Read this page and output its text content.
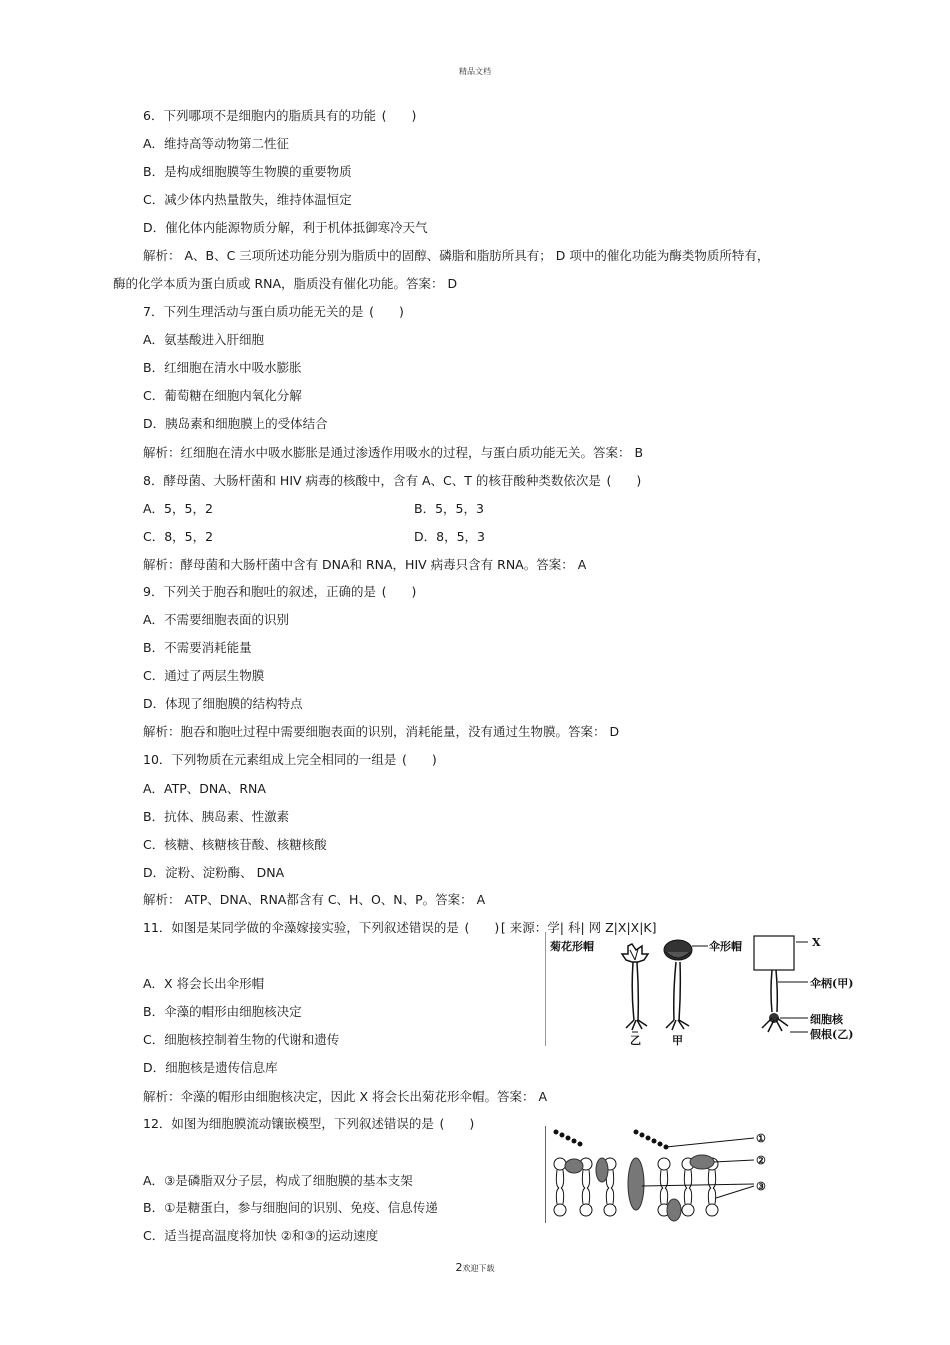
精品文档
6．下列哪项不是细胞内的脂质具有的功能 (　　)
A．维持高等动物第二性征
B．是构成细胞膜等生物膜的重要物质
C．减少体内热量散失，维持体温恒定
D．催化体内能源物质分解，利于机体抵御寒冷天气
解析： A、B、C 三项所述功能分别为脂质中的固醇、磷脂和脂肪所具有； D 项中的催化功能为酶类物质所特有，
酶的化学本质为蛋白质或 RNA，脂质没有催化功能。答案： D
7．下列生理活动与蛋白质功能无关的是 (　　)
A．氨基酸进入肝细胞
B．红细胞在清水中吸水膨胀
C．葡萄糖在细胞内氧化分解
D．胰岛素和细胞膜上的受体结合
解析：红细胞在清水中吸水膨胀是通过渗透作用吸水的过程，与蛋白质功能无关。答案： B
8．酵母菌、大肠杆菌和 HIV 病毒的核酸中，含有 A、C、T 的核苷酸种类数依次是 (　　)
A．5，5，2	B．5，5，3
C．8，5，2	D．8，5，3
解析：酵母菌和大肠杆菌中含有 DNA和 RNA，HIV 病毒只含有 RNA。答案： A
9．下列关于胞吞和胞吐的叙述，正确的是 (　　)
A．不需要细胞表面的识别
B．不需要消耗能量
C．通过了两层生物膜
D．体现了细胞膜的结构特点
解析：胞吞和胞吐过程中需要细胞表面的识别，消耗能量，没有通过生物膜。答案： D
10．下列物质在元素组成上完全相同的一组是 (　　)
A．ATP、DNA、RNA
B．抗体、胰岛素、性激素
C．核糖、核糖核苷酸、核糖核酸
D．淀粉、淀粉酶、 DNA
解析： ATP、DNA、RNA都含有 C、H、O、N、P。答案： A
11．如图是某同学做的伞藻嫁接实验，下列叙述错误的是 (　　) [ 来源：学| 科| 网 Z|X|X|K]
A．X 将会长出伞形帽
B．伞藻的帽形由细胞核决定
C．细胞核控制着生物的代谢和遗传
D．细胞核是遗传信息库
解析：伞藻的帽形由细胞核决定，因此 X 将会长出菊花形伞帽。答案： A
菊花形帽
乙
伞形帽
甲
X
伞柄(甲)
细胞核
假根(乙)
12．如图为细胞膜流动镶嵌模型，下列叙述错误的是 (　　)
A．③是磷脂双分子层，构成了细胞膜的基本支架
B．①是糖蛋白，参与细胞间的识别、免疫、信息传递
C．适当提高温度将加快 ②和③的运动速度
①
②
③
2欢迎下载
